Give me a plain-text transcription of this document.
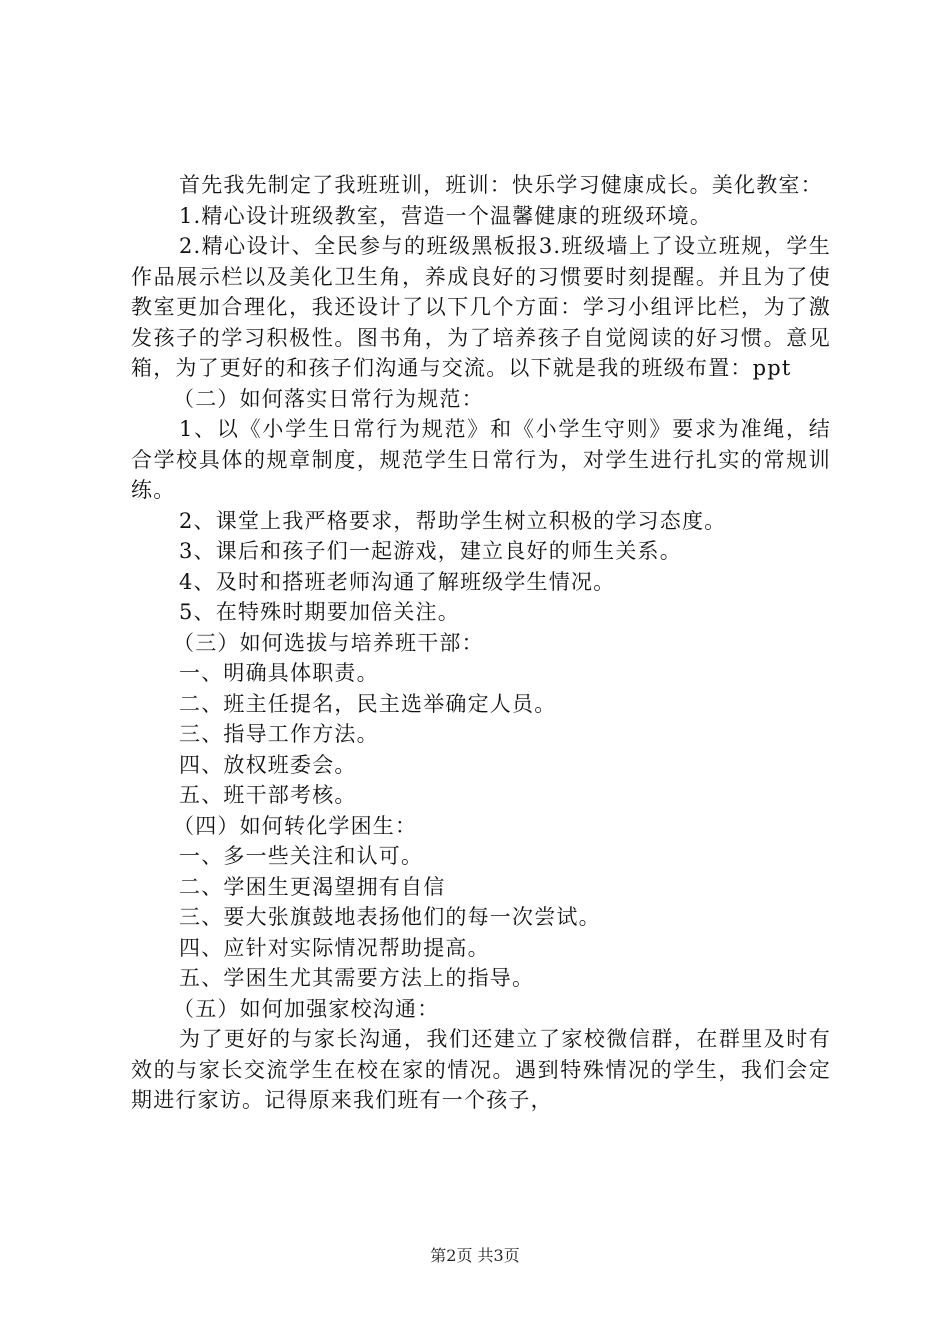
首先我先制定了我班班训，班训：快乐学习健康成长。美化教室：

1.精心设计班级教室，营造一个温馨健康的班级环境。

2.精心设计、全民参与的班级黑板报3.班级墙上了设立班规，学生作品展示栏以及美化卫生角，养成良好的习惯要时刻提醒。并且为了使教室更加合理化，我还设计了以下几个方面：学习小组评比栏，为了激发孩子的学习积极性。图书角，为了培养孩子自觉阅读的好习惯。意见箱，为了更好的和孩子们沟通与交流。以下就是我的班级布置：ppt

（二）如何落实日常行为规范：

1、以《小学生日常行为规范》和《小学生守则》要求为准绳，结合学校具体的规章制度，规范学生日常行为，对学生进行扎实的常规训练。

2、课堂上我严格要求，帮助学生树立积极的学习态度。

3、课后和孩子们一起游戏，建立良好的师生关系。

4、及时和搭班老师沟通了解班级学生情况。

5、在特殊时期要加倍关注。

（三）如何选拔与培养班干部：

一、明确具体职责。

二、班主任提名，民主选举确定人员。

三、指导工作方法。

四、放权班委会。

五、班干部考核。

（四）如何转化学困生：

一、多一些关注和认可。

二、学困生更渴望拥有自信

三、要大张旗鼓地表扬他们的每一次尝试。

四、应针对实际情况帮助提高。

五、学困生尤其需要方法上的指导。

（五）如何加强家校沟通：

为了更好的与家长沟通，我们还建立了家校微信群，在群里及时有效的与家长交流学生在校在家的情况。遇到特殊情况的学生，我们会定期进行家访。记得原来我们班有一个孩子，

第2页 共3页
